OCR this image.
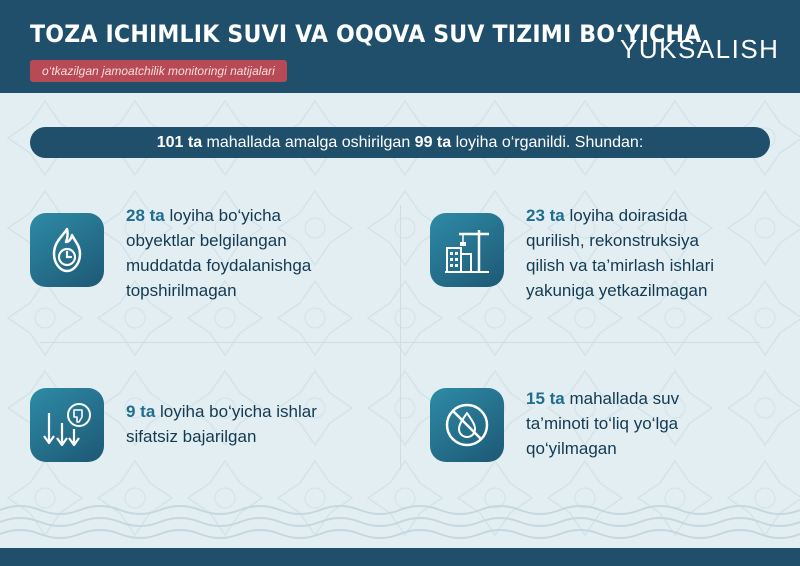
TOZA ICHIMLIK SUVI VA OQOVA SUV TIZIMI BO‘YICHA
o‘tkazilgan jamoatchilik monitoringi natijalari
YUKSALISH
101 ta mahallada amalga oshirilgan 99 ta loyiha o‘rganildi. Shundan:
28 ta loyiha bo‘yicha
obyektlar belgilangan
muddatda foydalanishga
topshirilmagan
23 ta loyiha doirasida
qurilish, rekonstruksiya
qilish va ta’mirlash ishlari
yakuniga yetkazilmagan
9 ta loyiha bo‘yicha ishlar
sifatsiz bajarilgan
15 ta mahallada suv
ta’minoti to‘liq yo‘lga
qo‘yilmagan
